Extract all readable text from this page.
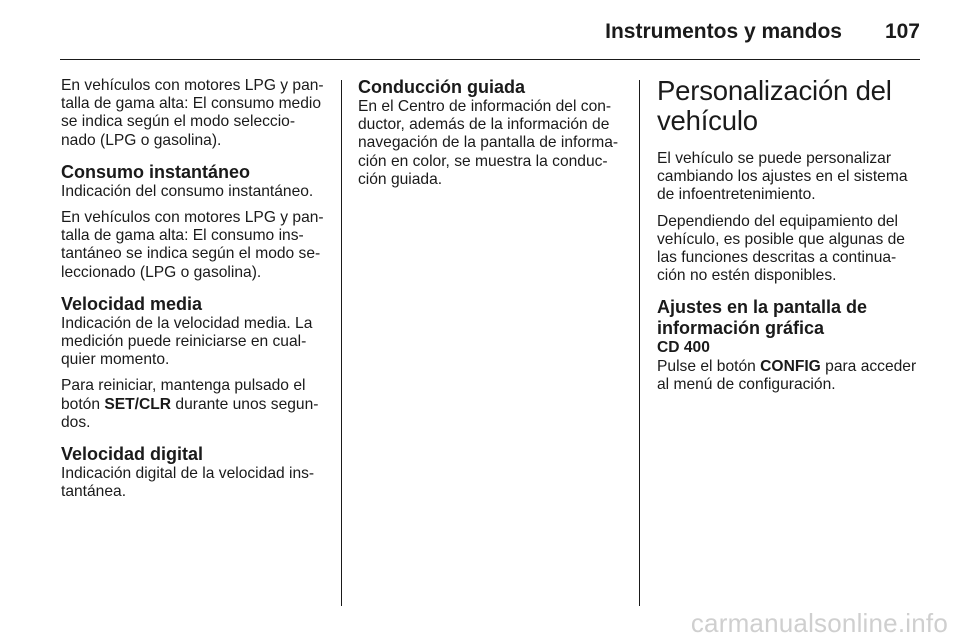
Instrumentos y mandos 107

En vehículos con motores LPG y pan-
talla de gama alta: El consumo medio
se indica según el modo seleccio-
nado (LPG o gasolina).

Consumo instantáneo

Indicación del consumo instantáneo.

En vehículos con motores LPG y pan-
talla de gama alta: El consumo ins-
tantáneo se indica según el modo se-
leccionado (LPG o gasolina).

Velocidad media

Indicación de la velocidad media. La
medición puede reiniciarse en cual-
quier momento.

Para reiniciar, mantenga pulsado el
botón SET/CLR durante unos segun-
dos.

Velocidad digital

Indicación digital de la velocidad ins-
tantánea.

Conducción guiada

En el Centro de información del con-
ductor, además de la información de
navegación de la pantalla de informa-
ción en color, se muestra la conduc-
ción guiada.

Personalización del
vehículo

El vehículo se puede personalizar
cambiando los ajustes en el sistema
de infoentretenimiento.

Dependiendo del equipamiento del
vehículo, es posible que algunas de
las funciones descritas a continua-
ción no estén disponibles.

Ajustes en la pantalla de
información gráfica
CD 400

Pulse el botón CONFIG para acceder
al menú de configuración.

carmanualsonline.info
